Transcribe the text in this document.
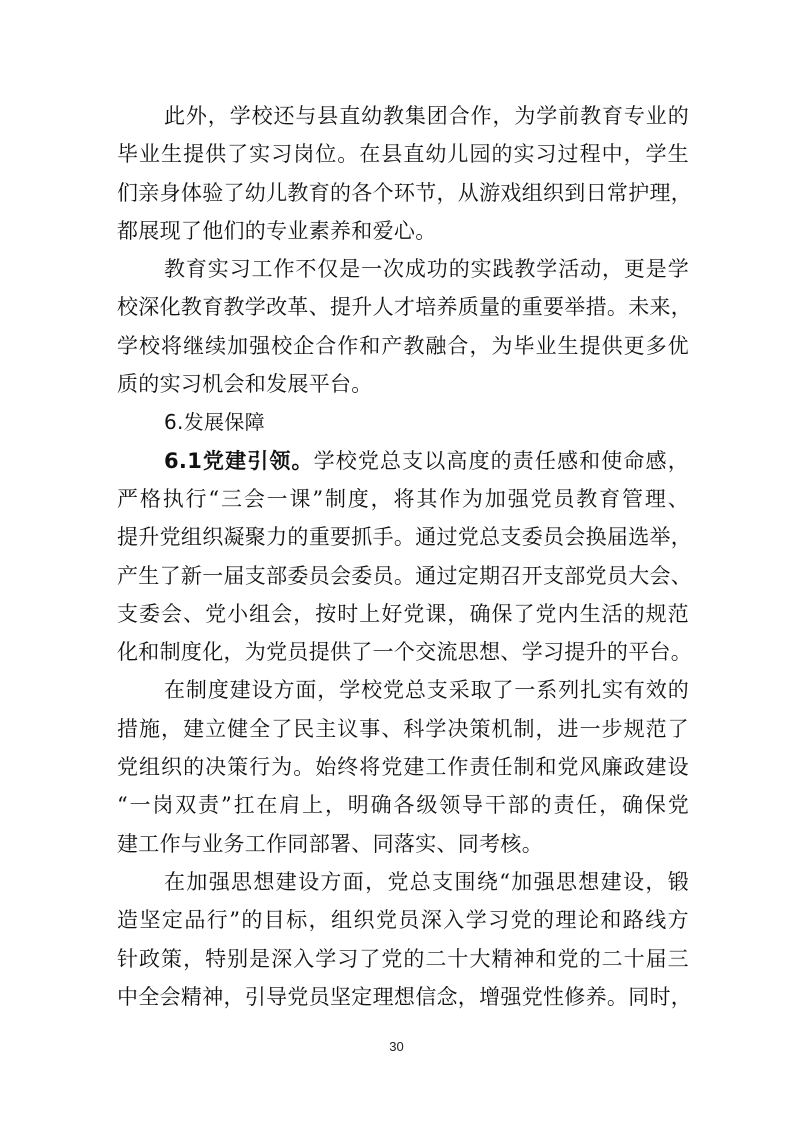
此外，学校还与县直幼教集团合作，为学前教育专业的
毕业生提供了实习岗位。在县直幼儿园的实习过程中，学生
们亲身体验了幼儿教育的各个环节，从游戏组织到日常护理，
都展现了他们的专业素养和爱心。
教育实习工作不仅是一次成功的实践教学活动，更是学
校深化教育教学改革、提升人才培养质量的重要举措。未来，
学校将继续加强校企合作和产教融合，为毕业生提供更多优
质的实习机会和发展平台。
6.发展保障
6.1党建引领。学校党总支以高度的责任感和使命感，
严格执行“三会一课”制度，将其作为加强党员教育管理、
提升党组织凝聚力的重要抓手。通过党总支委员会换届选举，
产生了新一届支部委员会委员。通过定期召开支部党员大会、
支委会、党小组会，按时上好党课，确保了党内生活的规范
化和制度化，为党员提供了一个交流思想、学习提升的平台。
在制度建设方面，学校党总支采取了一系列扎实有效的
措施，建立健全了民主议事、科学决策机制，进一步规范了
党组织的决策行为。始终将党建工作责任制和党风廉政建设
“一岗双责”扛在肩上，明确各级领导干部的责任，确保党
建工作与业务工作同部署、同落实、同考核。
在加强思想建设方面，党总支围绕“加强思想建设，锻
造坚定品行”的目标，组织党员深入学习党的理论和路线方
针政策，特别是深入学习了党的二十大精神和党的二十届三
中全会精神，引导党员坚定理想信念，增强党性修养。同时，
30
